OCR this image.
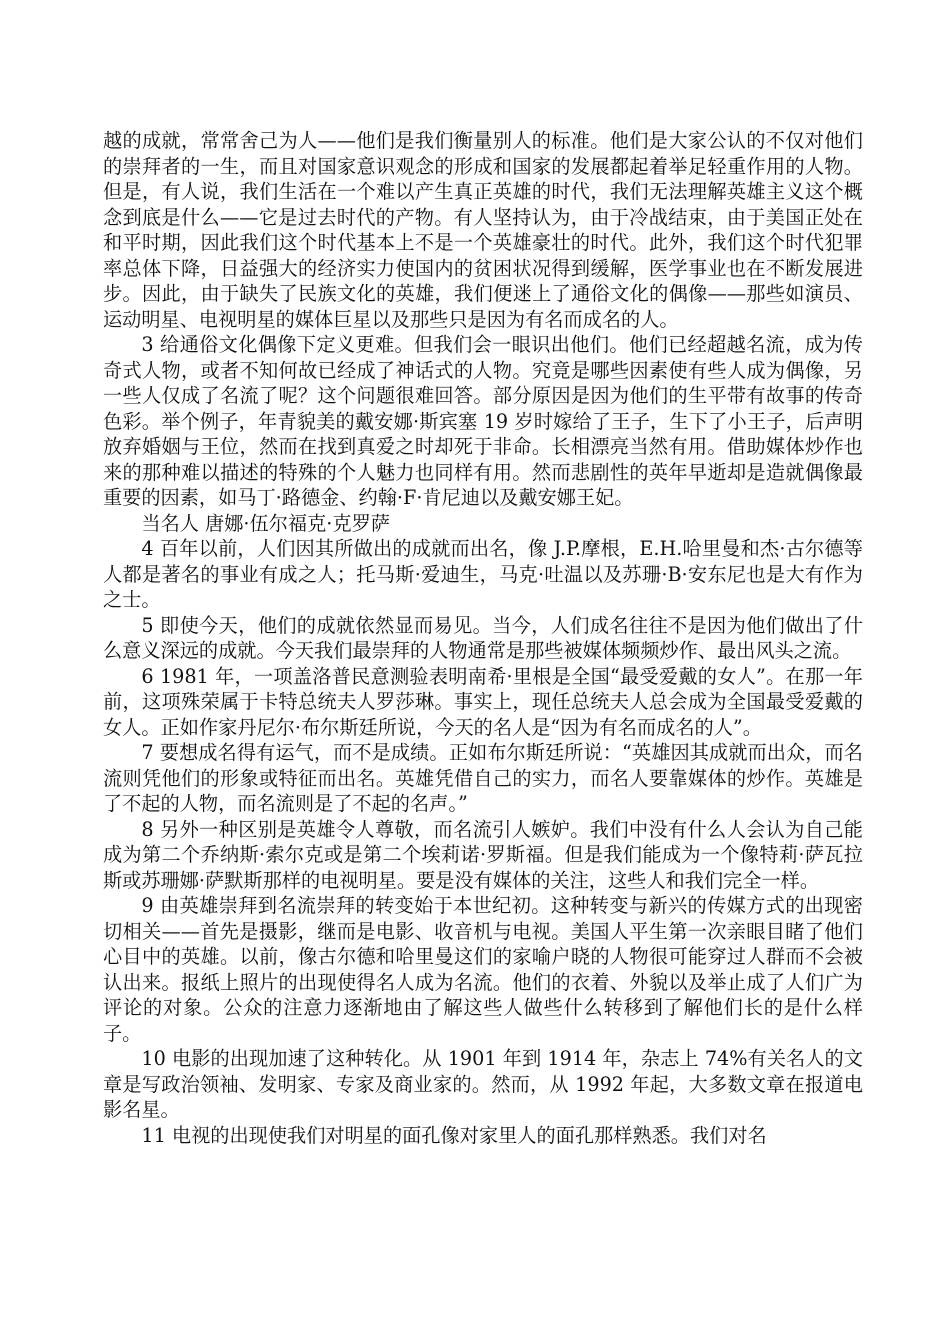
越的成就，常常舍己为人——他们是我们衡量别人的标准。他们是大家公认的不仅对他们的崇拜者的一生，而且对国家意识观念的形成和国家的发展都起着举足轻重作用的人物。但是，有人说，我们生活在一个难以产生真正英雄的时代，我们无法理解英雄主义这个概念到底是什么——它是过去时代的产物。有人坚持认为，由于冷战结束，由于美国正处在和平时期，因此我们这个时代基本上不是一个英雄豪壮的时代。此外，我们这个时代犯罪率总体下降，日益强大的经济实力使国内的贫困状况得到缓解，医学事业也在不断发展进步。因此，由于缺失了民族文化的英雄，我们便迷上了通俗文化的偶像——那些如演员、运动明星、电视明星的媒体巨星以及那些只是因为有名而成名的人。

3 给通俗文化偶像下定义更难。但我们会一眼识出他们。他们已经超越名流，成为传奇式人物，或者不知何故已经成了神话式的人物。究竟是哪些因素使有些人成为偶像，另一些人仅成了名流了呢？这个问题很难回答。部分原因是因为他们的生平带有故事的传奇色彩。举个例子，年青貌美的戴安娜·斯宾塞 19 岁时嫁给了王子，生下了小王子，后声明放弃婚姻与王位，然而在找到真爱之时却死于非命。长相漂亮当然有用。借助媒体炒作也来的那种难以描述的特殊的个人魅力也同样有用。然而悲剧性的英年早逝却是造就偶像最重要的因素，如马丁·路德金、约翰·F·肯尼迪以及戴安娜王妃。

当名人 唐娜·伍尔福克·克罗萨

4 百年以前，人们因其所做出的成就而出名，像 J.P.摩根，E.H.哈里曼和杰·古尔德等人都是著名的事业有成之人；托马斯·爱迪生，马克·吐温以及苏珊·B·安东尼也是大有作为之士。

5 即使今天，他们的成就依然显而易见。当今，人们成名往往不是因为他们做出了什么意义深远的成就。今天我们最崇拜的人物通常是那些被媒体频频炒作、最出风头之流。

6 1981 年，一项盖洛普民意测验表明南希·里根是全国“最受爱戴的女人”。在那一年前，这项殊荣属于卡特总统夫人罗莎琳。事实上，现任总统夫人总会成为全国最受爱戴的女人。正如作家丹尼尔·布尔斯廷所说，今天的名人是“因为有名而成名的人”。

7 要想成名得有运气，而不是成绩。正如布尔斯廷所说：“英雄因其成就而出众，而名流则凭他们的形象或特征而出名。英雄凭借自己的实力，而名人要靠媒体的炒作。英雄是了不起的人物，而名流则是了不起的名声。”

8 另外一种区别是英雄令人尊敬，而名流引人嫉妒。我们中没有什么人会认为自己能成为第二个乔纳斯·索尔克或是第二个埃莉诺·罗斯福。但是我们能成为一个像特莉·萨瓦拉斯或苏珊娜·萨默斯那样的电视明星。要是没有媒体的关注，这些人和我们完全一样。

9 由英雄崇拜到名流崇拜的转变始于本世纪初。这种转变与新兴的传媒方式的出现密切相关——首先是摄影，继而是电影、收音机与电视。美国人平生第一次亲眼目睹了他们心目中的英雄。以前，像古尔德和哈里曼这们的家喻户晓的人物很可能穿过人群而不会被认出来。报纸上照片的出现使得名人成为名流。他们的衣着、外貌以及举止成了人们广为评论的对象。公众的注意力逐渐地由了解这些人做些什么转移到了解他们长的是什么样子。

10 电影的出现加速了这种转化。从 1901 年到 1914 年，杂志上 74%有关名人的文章是写政治领袖、发明家、专家及商业家的。然而，从 1992 年起，大多数文章在报道电影名星。

11 电视的出现使我们对明星的面孔像对家里人的面孔那样熟悉。我们对名
